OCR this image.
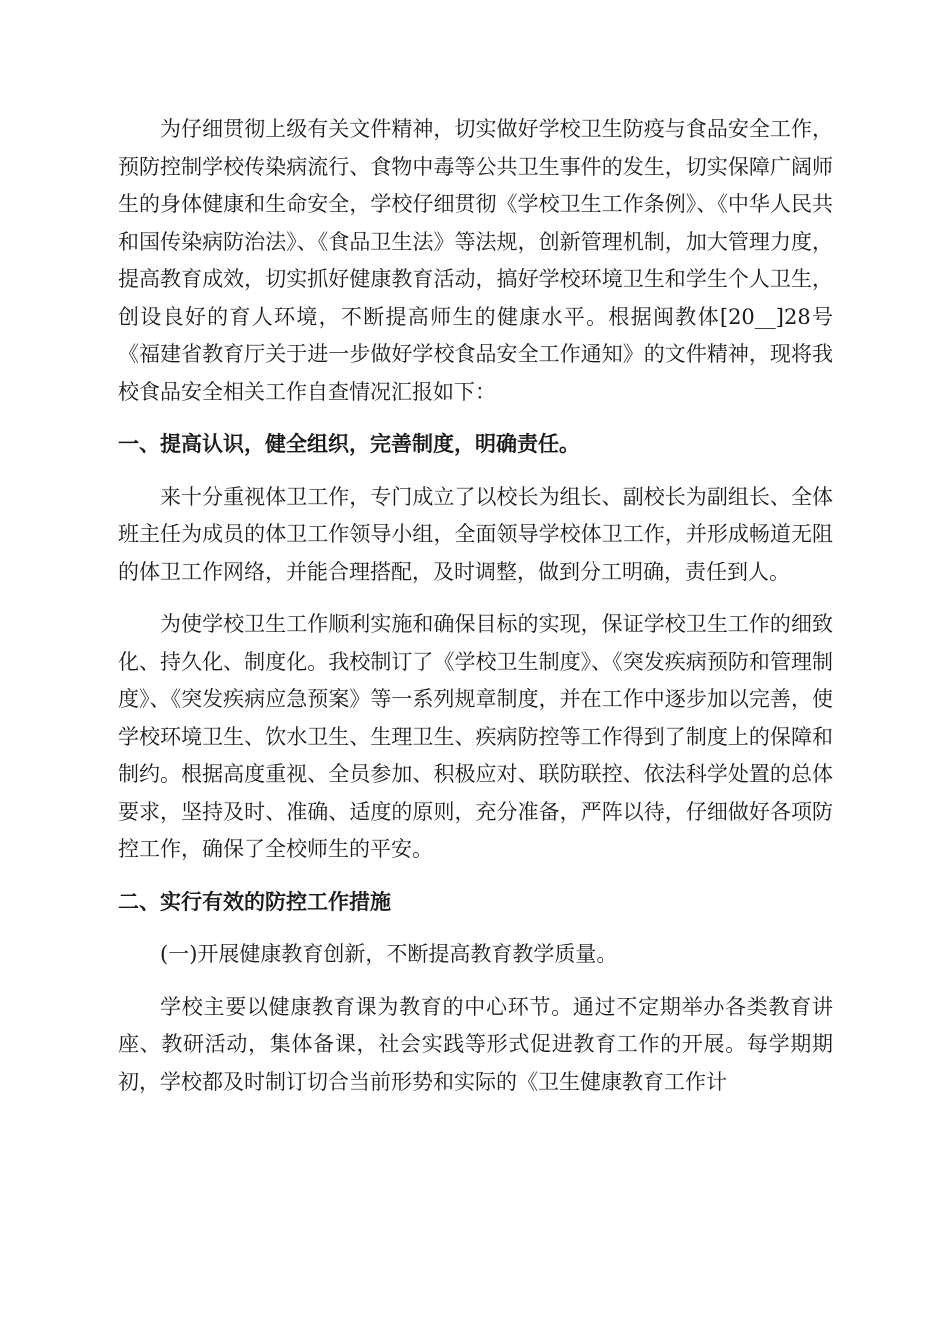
为仔细贯彻上级有关文件精神，切实做好学校卫生防疫与食品安全工作，预防控制学校传染病流行、食物中毒等公共卫生事件的发生，切实保障广阔师生的身体健康和生命安全，学校仔细贯彻《学校卫生工作条例》、《中华人民共和国传染病防治法》、《食品卫生法》等法规，创新管理机制，加大管理力度，提高教育成效，切实抓好健康教育活动，搞好学校环境卫生和学生个人卫生，创设良好的育人环境，不断提高师生的健康水平。根据闽教体[20__]28号《福建省教育厅关于进一步做好学校食品安全工作通知》的文件精神，现将我校食品安全相关工作自查情况汇报如下：

一、提高认识，健全组织，完善制度，明确责任。

来十分重视体卫工作，专门成立了以校长为组长、副校长为副组长、全体班主任为成员的体卫工作领导小组，全面领导学校体卫工作，并形成畅道无阻的体卫工作网络，并能合理搭配，及时调整，做到分工明确，责任到人。

为使学校卫生工作顺利实施和确保目标的实现，保证学校卫生工作的细致化、持久化、制度化。我校制订了《学校卫生制度》、《突发疾病预防和管理制度》、《突发疾病应急预案》等一系列规章制度，并在工作中逐步加以完善，使学校环境卫生、饮水卫生、生理卫生、疾病防控等工作得到了制度上的保障和制约。根据高度重视、全员参加、积极应对、联防联控、依法科学处置的总体要求，坚持及时、准确、适度的原则，充分准备，严阵以待，仔细做好各项防控工作，确保了全校师生的平安。

二、实行有效的防控工作措施

(一)开展健康教育创新，不断提高教育教学质量。

学校主要以健康教育课为教育的中心环节。通过不定期举办各类教育讲座、教研活动，集体备课，社会实践等形式促进教育工作的开展。每学期期初，学校都及时制订切合当前形势和实际的《卫生健康教育工作计
